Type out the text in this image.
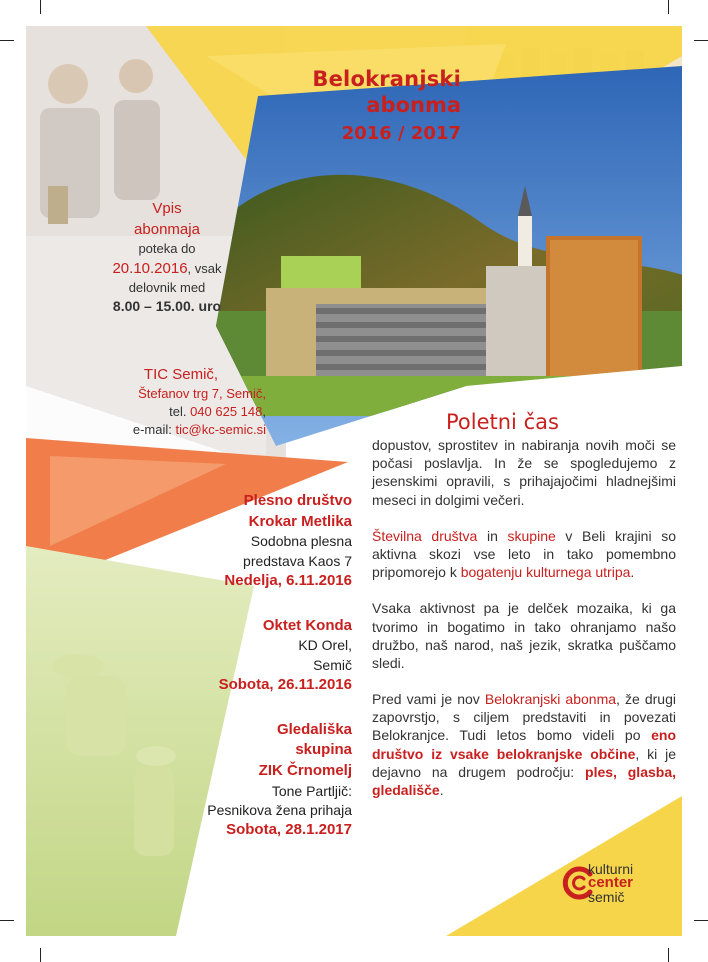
Belokranjski
abonma
2016 / 2017
Vpis
abonmaja
poteka do
20.10.2016, vsak
delovnik med
8.00 – 15.00. uro
TIC Semič,
Štefanov trg 7, Semič,
tel. 040 625 148,
e-mail: tic@kc-semic.si
Plesno društvo
Krokar Metlika
Sodobna plesna
predstava Kaos 7
Nedelja, 6.11.2016
Oktet Konda
KD Orel,
Semič
Sobota, 26.11.2016
Gledališka
skupina
ZIK Črnomelj
Tone Partljič:
Pesnikova žena prihaja
Sobota, 28.1.2017
Poletni čas

dopustov, sprostitev in nabiranja novih moči se počasi poslavlja. In že se spogledujemo z jesenskimi opravili, s prihajajočimi hladnejšimi meseci in dolgimi večeri.

Številna društva in skupine v Beli krajini so aktivna skozi vse leto in tako pomembno pripomorejo k bogatenju kulturnega utripa.

Vsaka aktivnost pa je delček mozaika, ki ga tvorimo in bogatimo in tako ohranjamo našo družbo, naš narod, naš jezik, skratka puščamo sledi.

Pred vami je nov Belokranjski abonma, že drugi zapovrstjo, s ciljem predstaviti in povezati Belokranjce. Tudi letos bomo videli po eno društvo iz vsake belokranjske občine, ki je dejavno na drugem področju: ples, glasba, gledališče.

kulturni
center
semič
